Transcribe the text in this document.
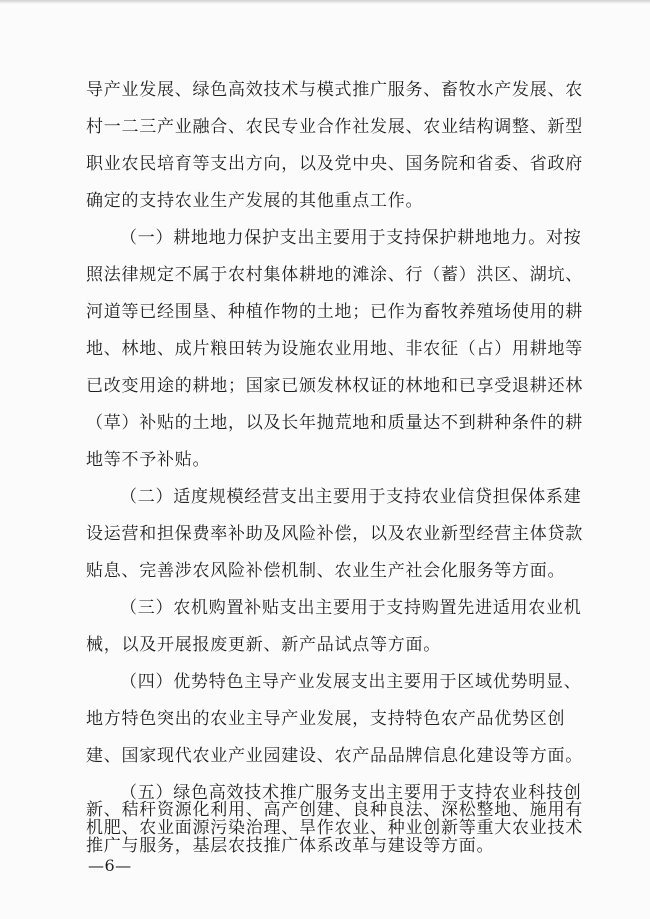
导产业发展、绿色高效技术与模式推广服务、畜牧水产发展、农
村一二三产业融合、农民专业合作社发展、农业结构调整、新型
职业农民培育等支出方向，以及党中央、国务院和省委、省政府
确定的支持农业生产发展的其他重点工作。
（一）耕地地力保护支出主要用于支持保护耕地地力。对按
照法律规定不属于农村集体耕地的滩涂、行（蓄）洪区、湖坑、
河道等已经围垦、种植作物的土地；已作为畜牧养殖场使用的耕
地、林地、成片粮田转为设施农业用地、非农征（占）用耕地等
已改变用途的耕地；国家已颁发林权证的林地和已享受退耕还林
（草）补贴的土地，以及长年抛荒地和质量达不到耕种条件的耕
地等不予补贴。
（二）适度规模经营支出主要用于支持农业信贷担保体系建
设运营和担保费率补助及风险补偿，以及农业新型经营主体贷款
贴息、完善涉农风险补偿机制、农业生产社会化服务等方面。
（三）农机购置补贴支出主要用于支持购置先进适用农业机
械，以及开展报废更新、新产品试点等方面。
（四）优势特色主导产业发展支出主要用于区域优势明显、
地方特色突出的农业主导产业发展，支持特色农产品优势区创
建、国家现代农业产业园建设、农产品品牌信息化建设等方面。
（五）绿色高效技术推广服务支出主要用于支持农业科技创
新、秸秆资源化利用、高产创建、良种良法、深松整地、施用有
机肥、农业面源污染治理、旱作农业、种业创新等重大农业技术
推广与服务，基层农技推广体系改革与建设等方面。
—6—
